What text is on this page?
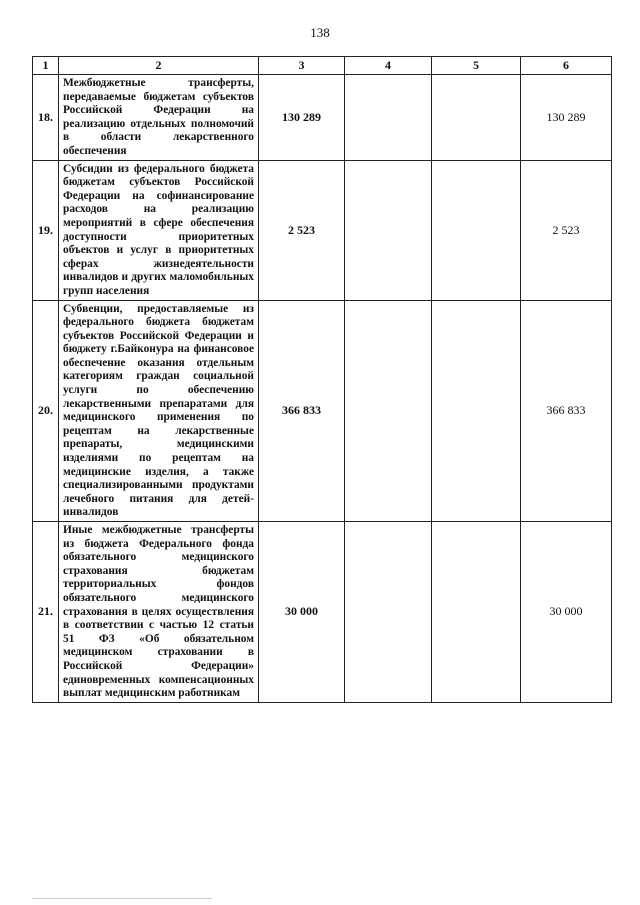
138
1	2	3	4	5	6
18.	Межбюджетные трансферты, передаваемые бюджетам субъектов Российской Федерации на реализацию отдельных полномочий в области лекарственного обеспечения	130 289			130 289
19.	Субсидии из федерального бюджета бюджетам субъектов Российской Федерации на софинансирование расходов на реализацию мероприятий в сфере обеспечения доступности приоритетных объектов и услуг в приоритетных сферах жизнедеятельности инвалидов и других маломобильных групп населения	2 523			2 523
20.	Субвенции, предоставляемые из федерального бюджета бюджетам субъектов Российской Федерации и бюджету г.Байконура на финансовое обеспечение оказания отдельным категориям граждан социальной услуги по обеспечению лекарственными препаратами для медицинского применения по рецептам на лекарственные препараты, медицинскими изделиями по рецептам на медицинские изделия, а также специализированными продуктами лечебного питания для детей-инвалидов	366 833			366 833
21.	Иные межбюджетные трансферты из бюджета Федерального фонда обязательного медицинского страхования бюджетам территориальных фондов обязательного медицинского страхования в целях осуществления в соответствии с частью 12 статьи 51 ФЗ «Об обязательном медицинском страховании в Российской Федерации» единовременных компенсационных выплат медицинским работникам	30 000			30 000
